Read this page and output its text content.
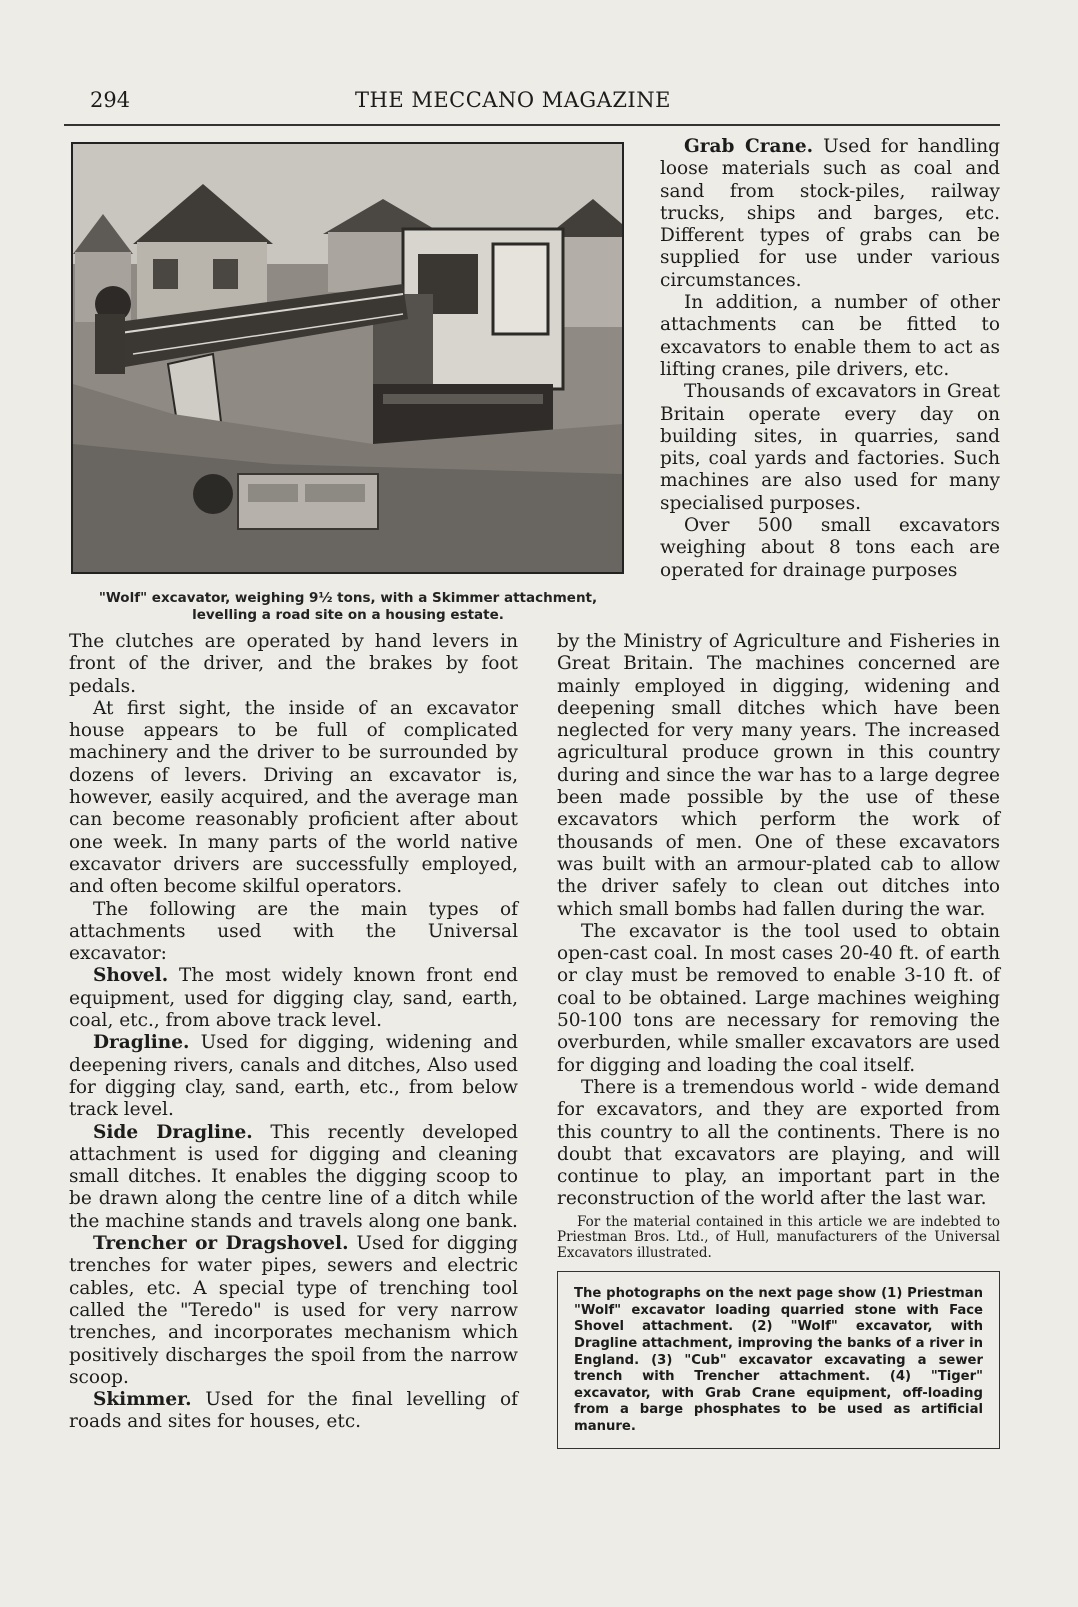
294	THE MECCANO MAGAZINE
"Wolf" excavator, weighing 9½ tons, with a Skimmer attachment, levelling a road site on a housing estate.

Grab Crane. Used for handling loose materials such as coal and sand from stock-piles, railway trucks, ships and barges, etc. Different types of grabs can be supplied for use under various circumstances.

In addition, a number of other attachments can be fitted to excavators to enable them to act as lifting cranes, pile drivers, etc.

Thousands of excavators in Great Britain operate every day on building sites, in quarries, sand pits, coal yards and factories. Such machines are also used for many specialised purposes.

Over 500 small excavators weighing about 8 tons each are operated for drainage purposes

The clutches are operated by hand levers in front of the driver, and the brakes by foot pedals.

At first sight, the inside of an excavator house appears to be full of complicated machinery and the driver to be surrounded by dozens of levers. Driving an excavator is, however, easily acquired, and the average man can become reasonably proficient after about one week. In many parts of the world native excavator drivers are successfully employed, and often become skilful operators.

The following are the main types of attachments used with the Universal excavator:

Shovel. The most widely known front end equipment, used for digging clay, sand, earth, coal, etc., from above track level.

Dragline. Used for digging, widening and deepening rivers, canals and ditches, Also used for digging clay, sand, earth, etc., from below track level.

Side Dragline. This recently developed attachment is used for digging and cleaning small ditches. It enables the digging scoop to be drawn along the centre line of a ditch while the machine stands and travels along one bank.

Trencher or Dragshovel. Used for digging trenches for water pipes, sewers and electric cables, etc. A special type of trenching tool called the "Teredo" is used for very narrow trenches, and incorporates mechanism which positively discharges the spoil from the narrow scoop.

Skimmer. Used for the final levelling of roads and sites for houses, etc.

by the Ministry of Agriculture and Fisheries in Great Britain. The machines concerned are mainly employed in digging, widening and deepening small ditches which have been neglected for very many years. The increased agricultural produce grown in this country during and since the war has to a large degree been made possible by the use of these excavators which perform the work of thousands of men. One of these excavators was built with an armour-plated cab to allow the driver safely to clean out ditches into which small bombs had fallen during the war.

The excavator is the tool used to obtain open-cast coal. In most cases 20-40 ft. of earth or clay must be removed to enable 3-10 ft. of coal to be obtained. Large machines weighing 50-100 tons are necessary for removing the overburden, while smaller excavators are used for digging and loading the coal itself.

There is a tremendous world - wide demand for excavators, and they are exported from this country to all the continents. There is no doubt that excavators are playing, and will continue to play, an important part in the reconstruction of the world after the last war.

For the material contained in this article we are indebted to Priestman Bros. Ltd., of Hull, manufacturers of the Universal Excavators illustrated.

The photographs on the next page show (1) Priestman "Wolf" excavator loading quarried stone with Face Shovel attachment. (2) "Wolf" excavator, with Dragline attachment, improving the banks of a river in England. (3) "Cub" excavator excavating a sewer trench with Trencher attachment. (4) "Tiger" excavator, with Grab Crane equipment, off-loading from a barge phosphates to be used as artificial manure.
